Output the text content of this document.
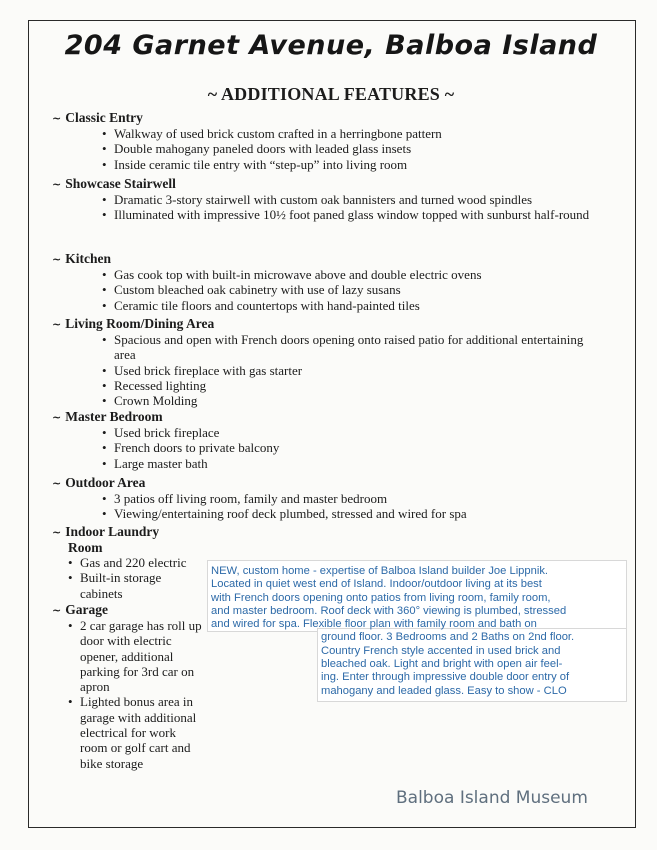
204 Garnet Avenue, Balboa Island
~ ADDITIONAL FEATURES ~

~ Classic Entry

• Walkway of used brick custom crafted in a herringbone pattern
• Double mahogany paneled doors with leaded glass insets
• Inside ceramic tile entry with “step-up” into living room

~ Showcase Stairwell

• Dramatic 3-story stairwell with custom oak bannisters and turned wood spindles
• Illuminated with impressive 10½ foot paned glass window topped with sunburst half-round

~ Kitchen

• Gas cook top with built-in microwave above and double electric ovens
• Custom bleached oak cabinetry with use of lazy susans
• Ceramic tile floors and countertops with hand-painted tiles

~ Living Room/Dining Area

• Spacious and open with French doors opening onto raised patio for additional entertaining area
• Used brick fireplace with gas starter
• Recessed lighting
• Crown Molding

~ Master Bedroom

• Used brick fireplace
• French doors to private balcony
• Large master bath

~ Outdoor Area

• 3 patios off living room, family and master bedroom
• Viewing/entertaining roof deck plumbed, stressed and wired for spa

~ Indoor Laundry
Room

• Gas and 220 electric
• Built-in storage cabinets

~ Garage

• 2 car garage has roll up door with electric opener, additional parking for 3rd car on apron
• Lighted bonus area in garage with additional electrical for work room or golf cart and bike storage

NEW, custom home - expertise of Balboa Island builder Joe Lippnik.

Located in quiet west end of Island. Indoor/outdoor living at its best

with French doors opening onto patios from living room, family room,

and master bedroom. Roof deck with 360° viewing is plumbed, stressed

and wired for spa. Flexible floor plan with family room and bath on

ground floor. 3 Bedrooms and 2 Baths on 2nd floor.

Country French style accented in used brick and

bleached oak. Light and bright with open air feel-

ing. Enter through impressive double door entry of

mahogany and leaded glass. Easy to show - CLO

Balboa Island Museum
